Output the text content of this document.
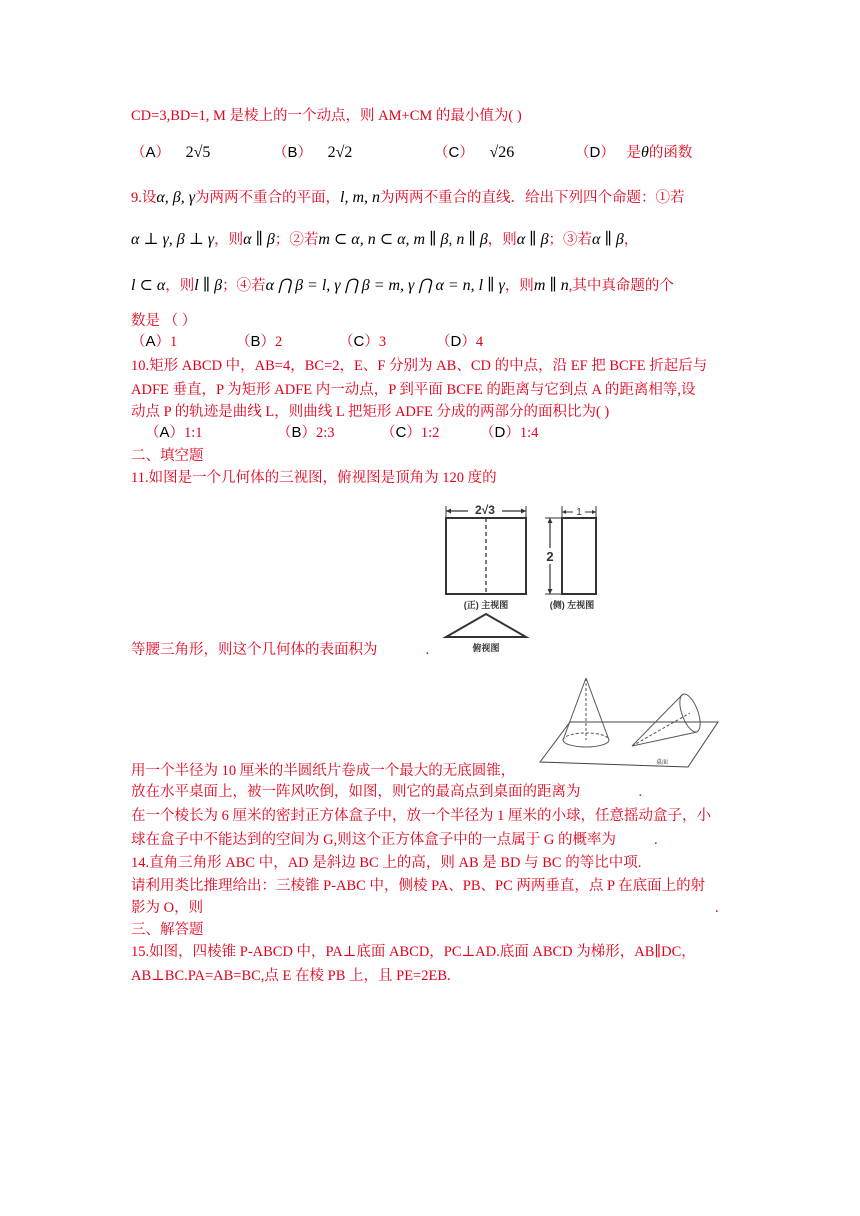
CD=3,BD=1, M 是棱上的一个动点，则 AM+CM 的最小值为( )
（A） 2√5	（B） 2√2	（C） √26	（D） 是θ的函数
9.设α, β, γ为两两不重合的平面，l, m, n为两两不重合的直线．给出下列四个命题：①若
α ⊥ γ, β ⊥ γ，则α ∥ β；②若m ⊂ α, n ⊂ α, m ∥ β, n ∥ β，则α ∥ β；③若α ∥ β，
l ⊂ α，则l ∥ β；④若α ⋂ β = l, γ ⋂ β = m, γ ⋂ α = n, l ∥ γ，则m ∥ n,其中真命题的个
数是 （ ）
（A）1	（B）2	（C）3	（D）4
10.矩形 ABCD 中，AB=4，BC=2，E、F 分别为 AB、CD 的中点，沿 EF 把 BCFE 折起后与
ADFE 垂直，P 为矩形 ADFE 内一动点，P 到平面 BCFE 的距离与它到点 A 的距离相等,设
动点 P 的轨迹是曲线 L，则曲线 L 把矩形 ADFE 分成的两部分的面积比为( )
（A）1:1	（B）2:3	（C）1:2	（D）1:4
二、填空题
11.如图是一个几何体的三视图，俯视图是顶角为 120 度的
2√3
(正) 主视图
1
2
(侧) 左视图
俯视图
等腰三角形，则这个几何体的表面积为	.
桌面
用一个半径为 10 厘米的半圆纸片卷成一个最大的无底圆锥，
放在水平桌面上，被一阵风吹倒，如图，则它的最高点到桌面的距离为	.
在一个棱长为 6 厘米的密封正方体盒子中，放一个半径为 1 厘米的小球，任意摇动盒子，小
球在盒子中不能达到的空间为 G,则这个正方体盒子中的一点属于 G 的概率为	.
14.直角三角形 ABC 中，AD 是斜边 BC 上的高，则 AB 是 BD 与 BC 的等比中项.
请利用类比推理给出：三棱锥 P-ABC 中，侧棱 PA、PB、PC 两两垂直，点 P 在底面上的射
影为 O，则	.
三、解答题
15.如图，四棱锥 P-ABCD 中，PA⊥底面 ABCD，PC⊥AD.底面 ABCD 为梯形，AB∥DC，
AB⊥BC.PA=AB=BC,点 E 在棱 PB 上，且 PE=2EB.
